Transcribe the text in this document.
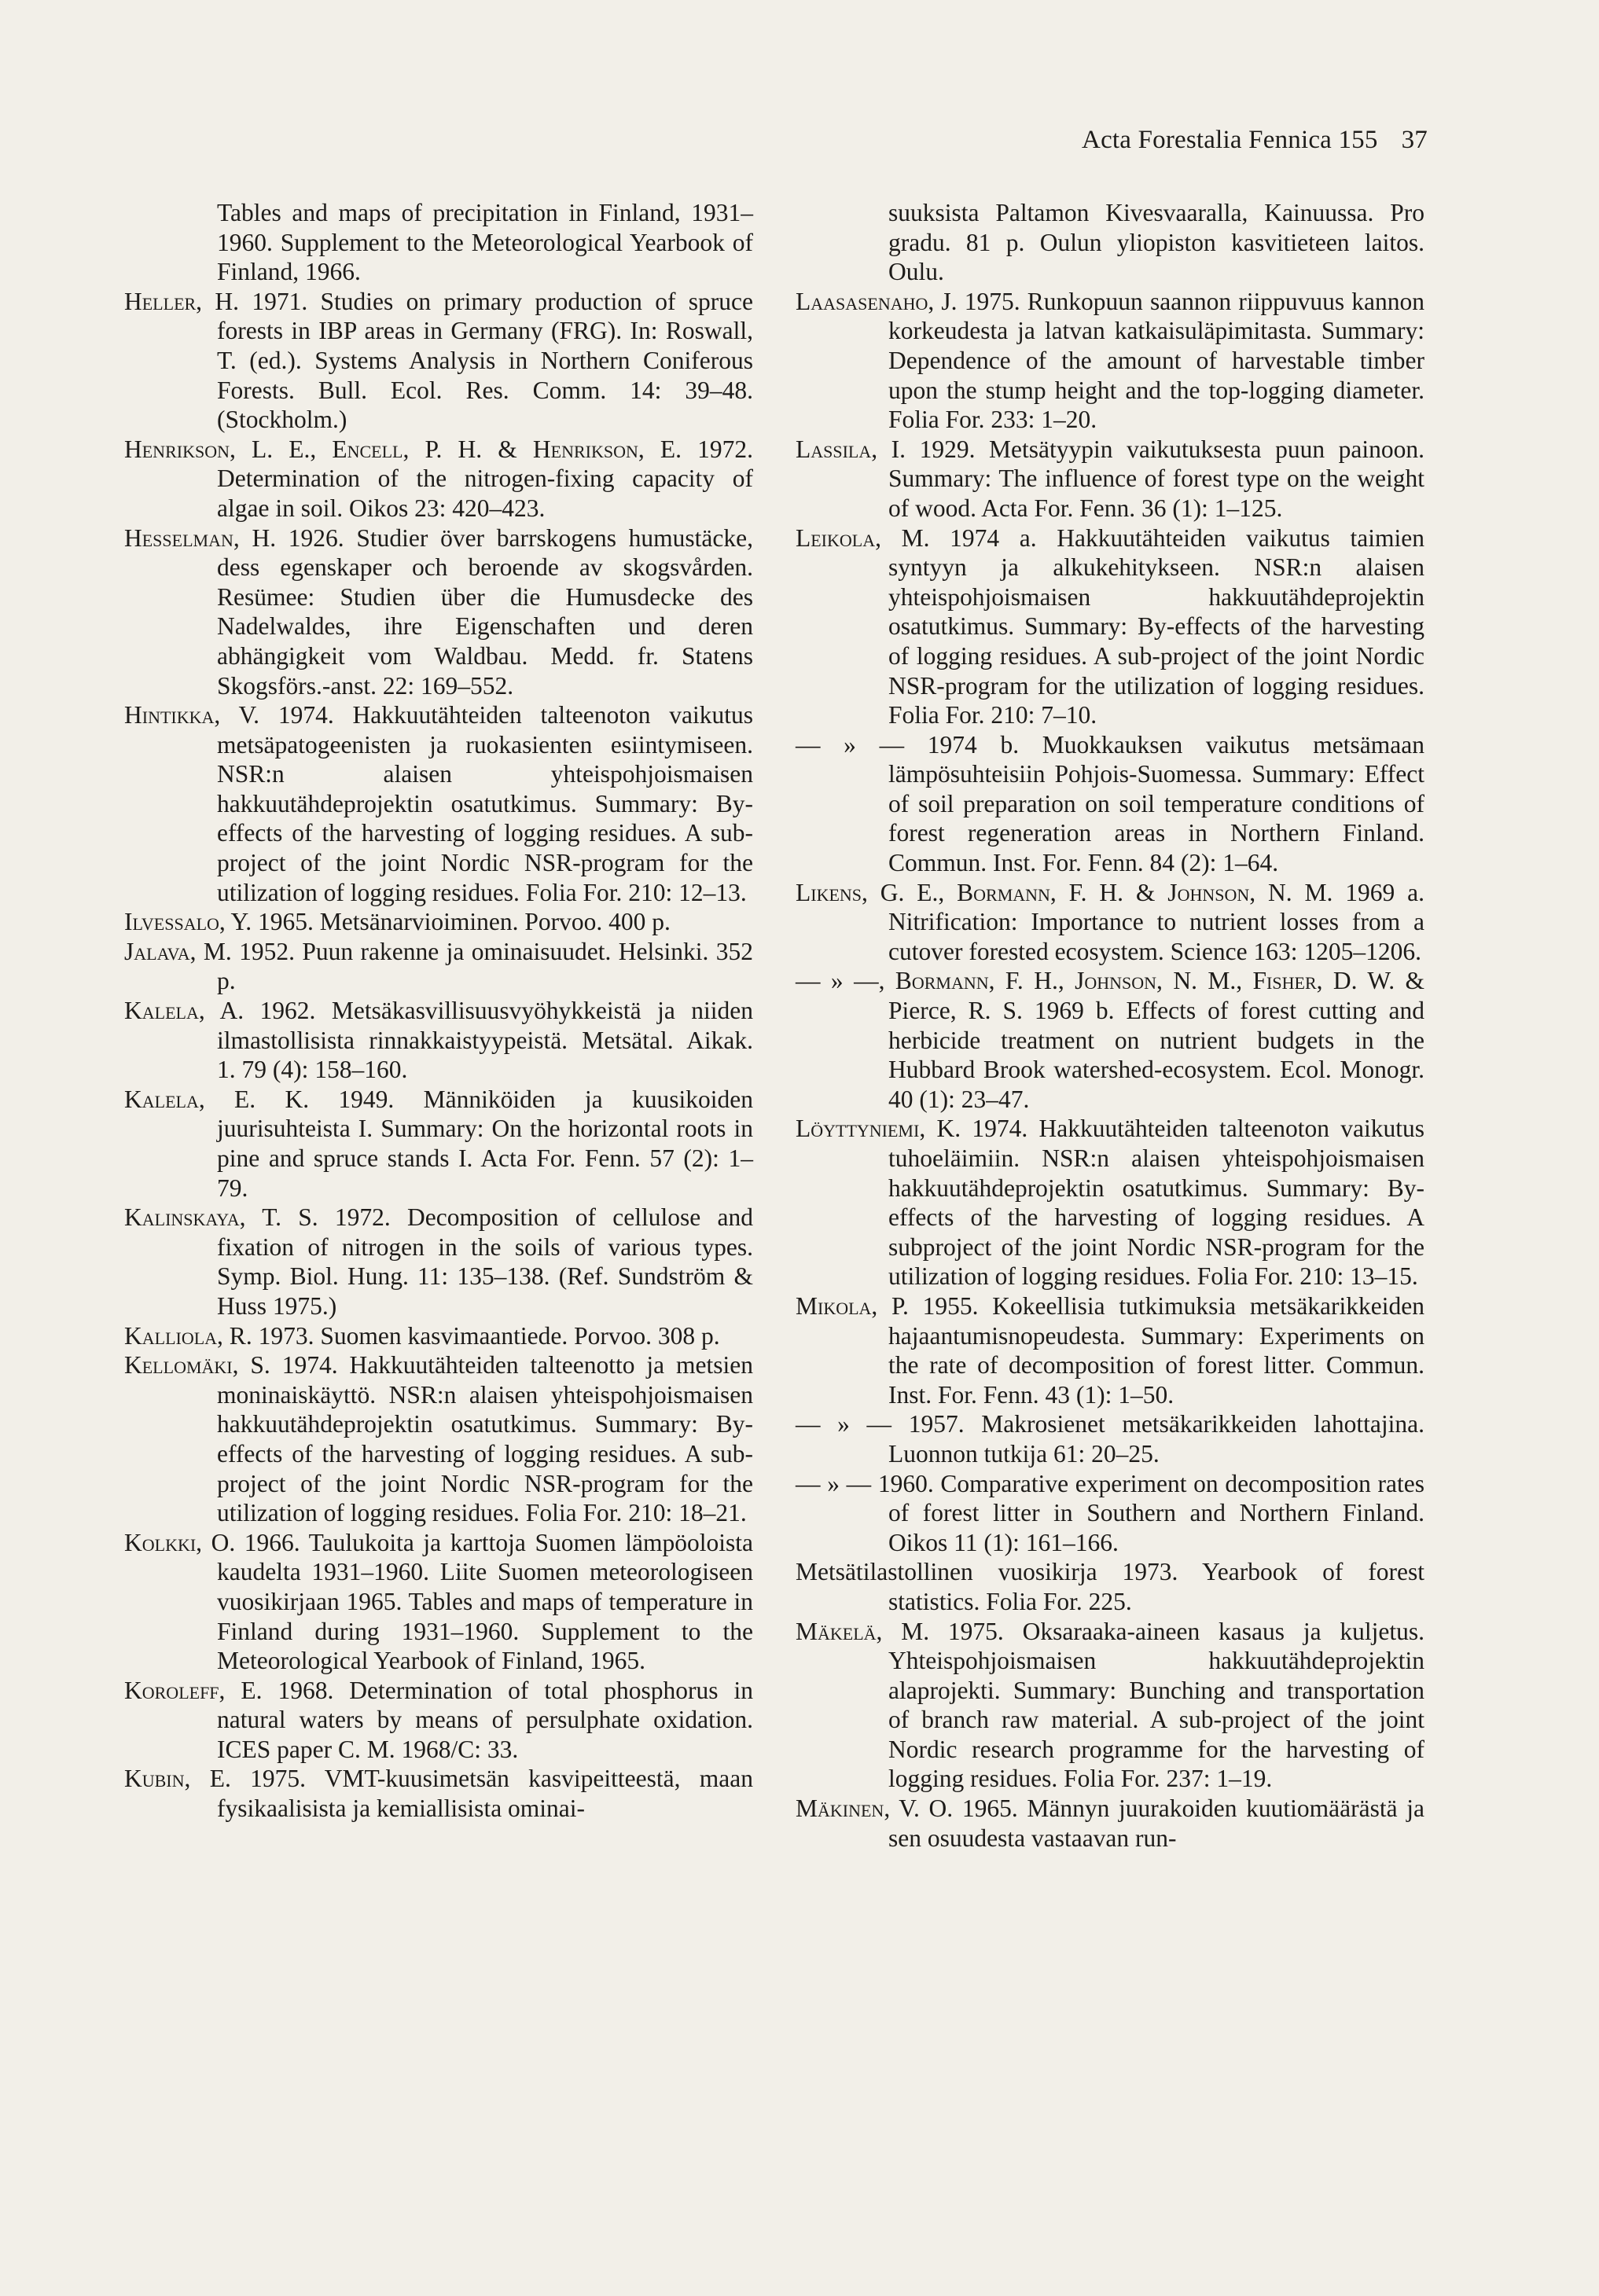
Acta Forestalia Fennica 155 37

Tables and maps of precipitation in Finland, 1931–1960. Supplement to the Meteorological Yearbook of Finland, 1966.

Heller, H. 1971. Studies on primary production of spruce forests in IBP areas in Germany (FRG). In: Roswall, T. (ed.). Systems Analysis in Northern Coniferous Forests. Bull. Ecol. Res. Comm. 14: 39–48. (Stockholm.)

Henrikson, L. E., Encell, P. H. & Henrikson, E. 1972. Determination of the nitrogen-fixing capacity of algae in soil. Oikos 23: 420–423.

Hesselman, H. 1926. Studier över barrskogens humustäcke, dess egenskaper och beroende av skogsvården. Resümee: Studien über die Humusdecke des Nadelwaldes, ihre Eigenschaften und deren abhängigkeit vom Waldbau. Medd. fr. Statens Skogsförs.-anst. 22: 169–552.

Hintikka, V. 1974. Hakkuutähteiden talteenoton vaikutus metsäpatogeenisten ja ruokasienten esiintymiseen. NSR:n alaisen yhteispohjoismaisen hakkuutähdeprojektin osatutkimus. Summary: By-effects of the harvesting of logging residues. A sub-project of the joint Nordic NSR-program for the utilization of logging residues. Folia For. 210: 12–13.

Ilvessalo, Y. 1965. Metsänarvioiminen. Porvoo. 400 p.

Jalava, M. 1952. Puun rakenne ja ominaisuudet. Helsinki. 352 p.

Kalela, A. 1962. Metsäkasvillisuusvyöhykkeistä ja niiden ilmastollisista rinnakkaistyypeistä. Metsätal. Aikak. 1. 79 (4): 158–160.

Kalela, E. K. 1949. Männiköiden ja kuusikoiden juurisuhteista I. Summary: On the horizontal roots in pine and spruce stands I. Acta For. Fenn. 57 (2): 1–79.

Kalinskaya, T. S. 1972. Decomposition of cellulose and fixation of nitrogen in the soils of various types. Symp. Biol. Hung. 11: 135–138. (Ref. Sundström & Huss 1975.)

Kalliola, R. 1973. Suomen kasvimaantiede. Porvoo. 308 p.

Kellomäki, S. 1974. Hakkuutähteiden talteenotto ja metsien moninaiskäyttö. NSR:n alaisen yhteispohjoismaisen hakkuutähdeprojektin osatutkimus. Summary: By-effects of the harvesting of logging residues. A sub-project of the joint Nordic NSR-program for the utilization of logging residues. Folia For. 210: 18–21.

Kolkki, O. 1966. Taulukoita ja karttoja Suomen lämpöoloista kaudelta 1931–1960. Liite Suomen meteorologiseen vuosikirjaan 1965. Tables and maps of temperature in Finland during 1931–1960. Supplement to the Meteorological Yearbook of Finland, 1965.

Koroleff, E. 1968. Determination of total phosphorus in natural waters by means of persulphate oxidation. ICES paper C. M. 1968/C: 33.

Kubin, E. 1975. VMT-kuusimetsän kasvipeitteestä, maan fysikaalisista ja kemiallisista ominai-

suuksista Paltamon Kivesvaaralla, Kainuussa. Pro gradu. 81 p. Oulun yliopiston kasvitieteen laitos. Oulu.

Laasasenaho, J. 1975. Runkopuun saannon riippuvuus kannon korkeudesta ja latvan katkaisuläpimitasta. Summary: Dependence of the amount of harvestable timber upon the stump height and the top-logging diameter. Folia For. 233: 1–20.

Lassila, I. 1929. Metsätyypin vaikutuksesta puun painoon. Summary: The influence of forest type on the weight of wood. Acta For. Fenn. 36 (1): 1–125.

Leikola, M. 1974 a. Hakkuutähteiden vaikutus taimien syntyyn ja alkukehitykseen. NSR:n alaisen yhteispohjoismaisen hakkuutähdeprojektin osatutkimus. Summary: By-effects of the harvesting of logging residues. A sub-project of the joint Nordic NSR-program for the utilization of logging residues. Folia For. 210: 7–10.

— » — 1974 b. Muokkauksen vaikutus metsämaan lämpösuhteisiin Pohjois-Suomessa. Summary: Effect of soil preparation on soil temperature conditions of forest regeneration areas in Northern Finland. Commun. Inst. For. Fenn. 84 (2): 1–64.

Likens, G. E., Bormann, F. H. & Johnson, N. M. 1969 a. Nitrification: Importance to nutrient losses from a cutover forested ecosystem. Science 163: 1205–1206.

— » —, Bormann, F. H., Johnson, N. M., Fisher, D. W. & Pierce, R. S. 1969 b. Effects of forest cutting and herbicide treatment on nutrient budgets in the Hubbard Brook watershed-ecosystem. Ecol. Monogr. 40 (1): 23–47.

Löyttyniemi, K. 1974. Hakkuutähteiden talteenoton vaikutus tuhoeläimiin. NSR:n alaisen yhteispohjoismaisen hakkuutähdeprojektin osatutkimus. Summary: By-effects of the harvesting of logging residues. A subproject of the joint Nordic NSR-program for the utilization of logging residues. Folia For. 210: 13–15.

Mikola, P. 1955. Kokeellisia tutkimuksia metsäkarikkeiden hajaantumisnopeudesta. Summary: Experiments on the rate of decomposition of forest litter. Commun. Inst. For. Fenn. 43 (1): 1–50.

— » — 1957. Makrosienet metsäkarikkeiden lahottajina. Luonnon tutkija 61: 20–25.

— » — 1960. Comparative experiment on decomposition rates of forest litter in Southern and Northern Finland. Oikos 11 (1): 161–166.

Metsätilastollinen vuosikirja 1973. Yearbook of forest statistics. Folia For. 225.

Mäkelä, M. 1975. Oksaraaka-aineen kasaus ja kuljetus. Yhteispohjoismaisen hakkuutähdeprojektin alaprojekti. Summary: Bunching and transportation of branch raw material. A sub-project of the joint Nordic research programme for the harvesting of logging residues. Folia For. 237: 1–19.

Mäkinen, V. O. 1965. Männyn juurakoiden kuutiomäärästä ja sen osuudesta vastaavan run-
